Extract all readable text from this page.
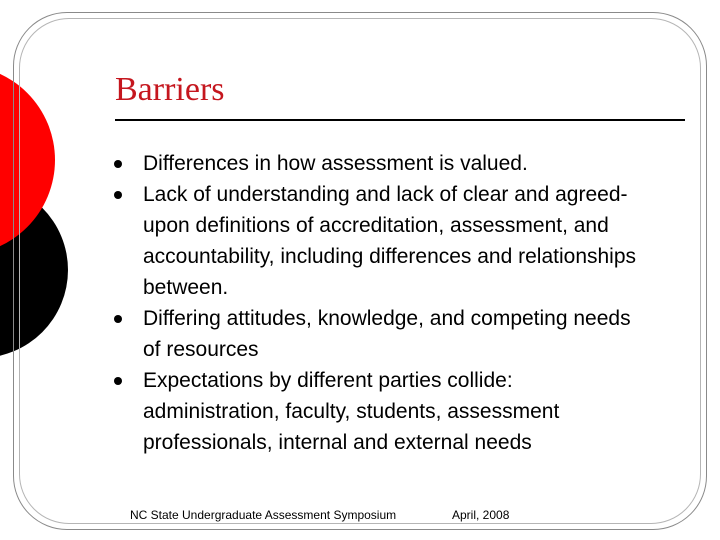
Barriers
Differences in how assessment is valued.
Lack of understanding and lack of clear and agreed-upon definitions of accreditation, assessment, and accountability, including differences and relationships between.
Differing attitudes, knowledge, and competing needs of resources
Expectations by different parties collide: administration, faculty, students, assessment professionals, internal and external needs
NC State Undergraduate Assessment Symposium	April, 2008
